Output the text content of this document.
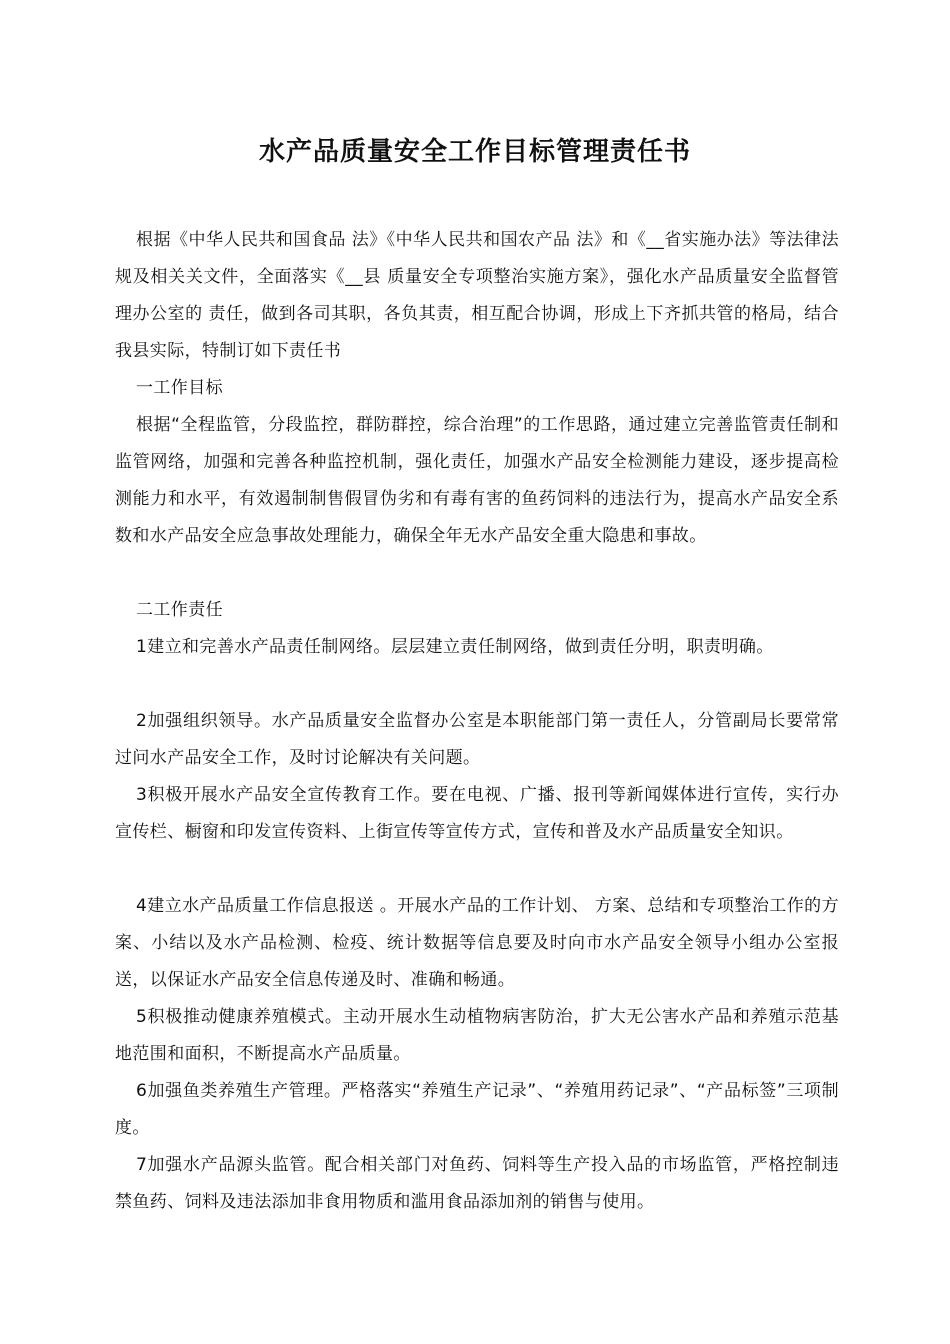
水产品质量安全工作目标管理责任书

根据《中华人民共和国食品 法》《中华人民共和国农产品 法》和《__省实施办法》等法律法规及相关关文件，全面落实《__县 质量安全专项整治实施方案》，强化水产品质量安全监督管理办公室的 责任，做到各司其职，各负其责，相互配合协调，形成上下齐抓共管的格局，结合我县实际，特制订如下责任书

一工作目标

根据“全程监管，分段监控，群防群控，综合治理”的工作思路，通过建立完善监管责任制和监管网络，加强和完善各种监控机制，强化责任，加强水产品安全检测能力建设，逐步提高检测能力和水平，有效遏制制售假冒伪劣和有毒有害的鱼药饲料的违法行为，提高水产品安全系数和水产品安全应急事故处理能力，确保全年无水产品安全重大隐患和事故。

二工作责任

1建立和完善水产品责任制网络。层层建立责任制网络，做到责任分明，职责明确。

2加强组织领导。水产品质量安全监督办公室是本职能部门第一责任人，分管副局长要常常过问水产品安全工作，及时讨论解决有关问题。

3积极开展水产品安全宣传教育工作。要在电视、广播、报刊等新闻媒体进行宣传，实行办宣传栏、橱窗和印发宣传资料、上街宣传等宣传方式，宣传和普及水产品质量安全知识。

4建立水产品质量工作信息报送 。开展水产品的工作计划、 方案、总结和专项整治工作的方案、小结以及水产品检测、检疫、统计数据等信息要及时向市水产品安全领导小组办公室报送，以保证水产品安全信息传递及时、准确和畅通。

5积极推动健康养殖模式。主动开展水生动植物病害防治，扩大无公害水产品和养殖示范基地范围和面积，不断提高水产品质量。

6加强鱼类养殖生产管理。严格落实“养殖生产记录”、“养殖用药记录”、“产品标签”三项制度。

7加强水产品源头监管。配合相关部门对鱼药、饲料等生产投入品的市场监管，严格控制违禁鱼药、饲料及违法添加非食用物质和滥用食品添加剂的销售与使用。
